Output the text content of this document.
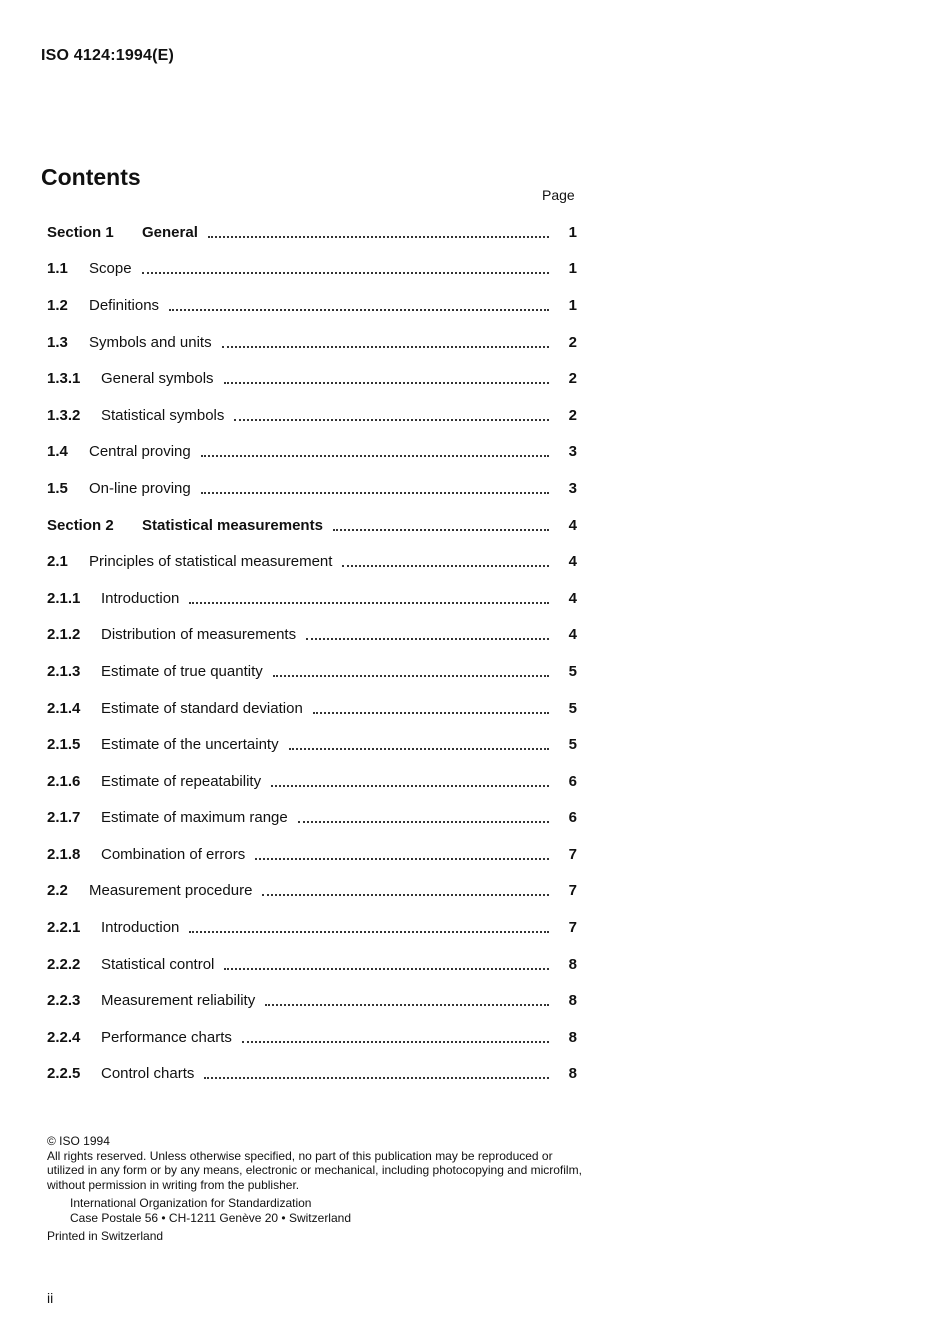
ISO 4124:1994(E)
Contents
Page
Section 1	General	1
1.1	Scope	1
1.2	Definitions	1
1.3	Symbols and units	2
1.3.1	General symbols	2
1.3.2	Statistical symbols	2
1.4	Central proving	3
1.5	On-line proving	3
Section 2	Statistical measurements	4
2.1	Principles of statistical measurement	4
2.1.1	Introduction	4
2.1.2	Distribution of measurements	4
2.1.3	Estimate of true quantity	5
2.1.4	Estimate of standard deviation	5
2.1.5	Estimate of the uncertainty	5
2.1.6	Estimate of repeatability	6
2.1.7	Estimate of maximum range	6
2.1.8	Combination of errors	7
2.2	Measurement procedure	7
2.2.1	Introduction	7
2.2.2	Statistical control	8
2.2.3	Measurement reliability	8
2.2.4	Performance charts	8
2.2.5	Control charts	8
© ISO 1994
All rights reserved. Unless otherwise specified, no part of this publication may be reproduced or utilized in any form or by any means, electronic or mechanical, including photocopying and microfilm, without permission in writing from the publisher.
International Organization for Standardization
Case Postale 56 • CH-1211 Genève 20 • Switzerland
Printed in Switzerland
ii
